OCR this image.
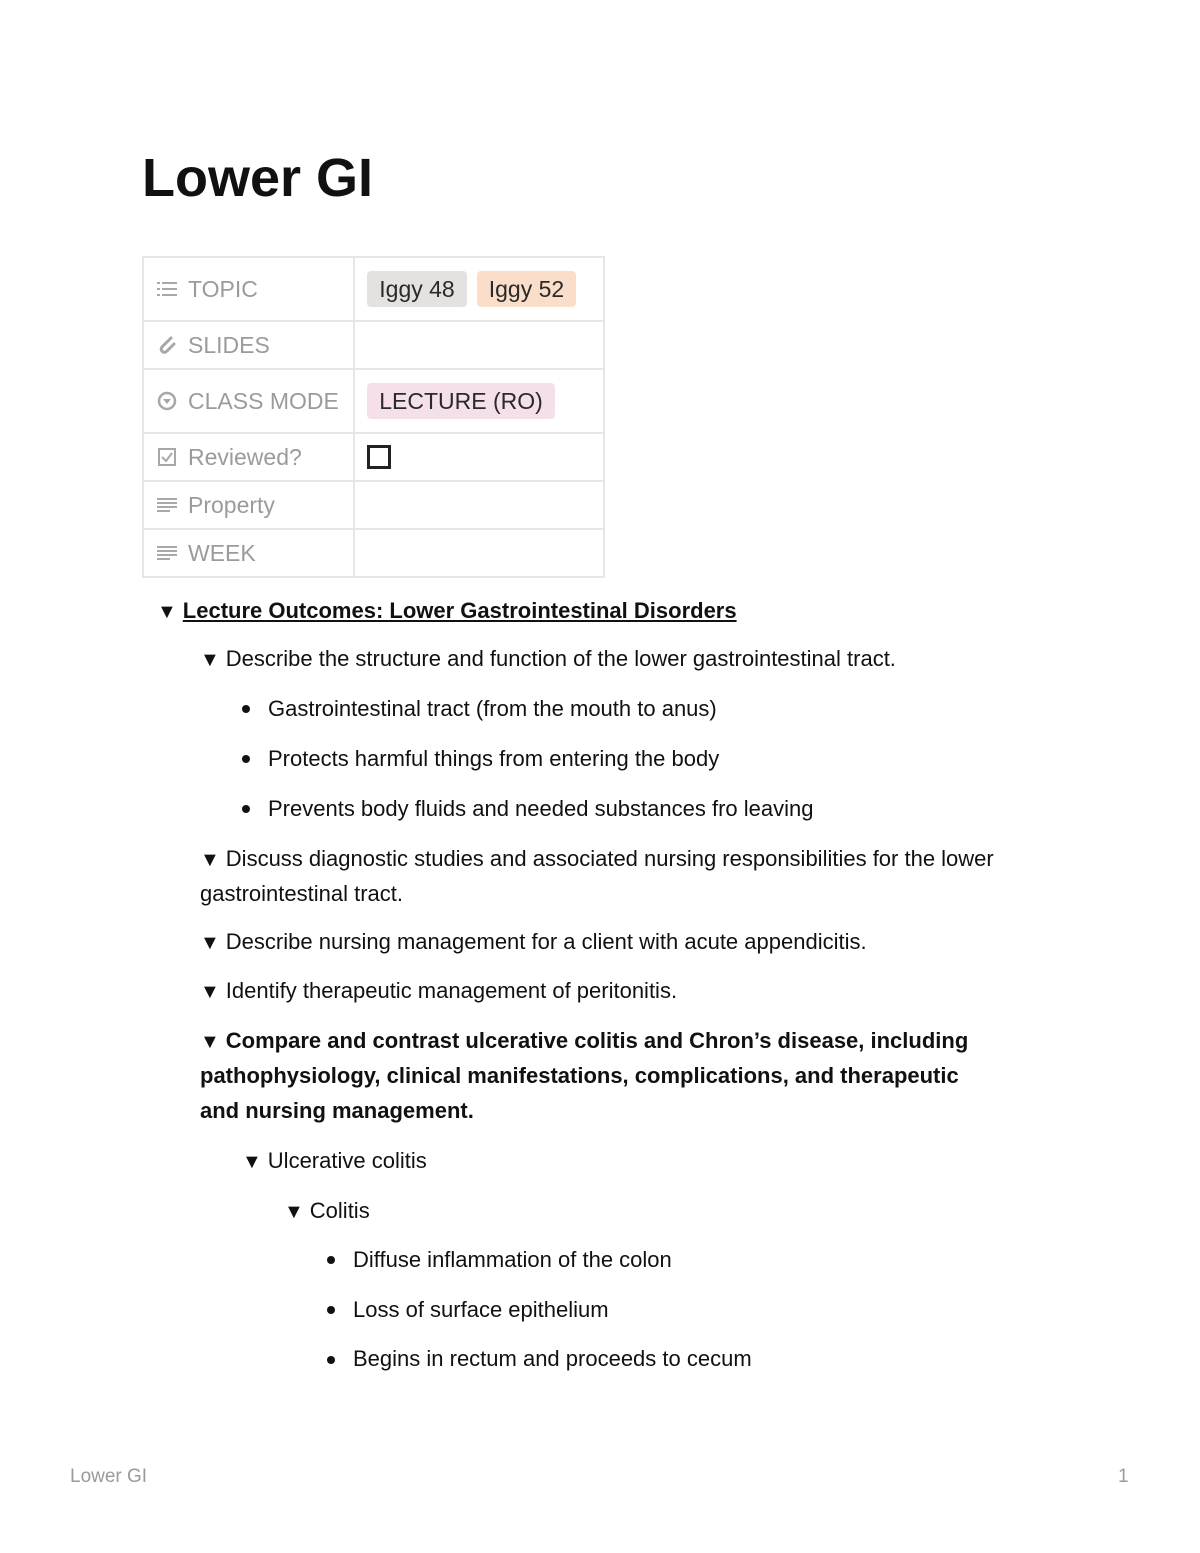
Lower GI
TOPIC	Iggy 48 Iggy 52

SLIDES	

CLASS MODE	LECTURE (RO)

Reviewed?	

Property	

WEEK	

▼ Lecture Outcomes: Lower Gastrointestinal Disorders
▼ Describe the structure and function of the lower gastrointestinal tract.
Gastrointestinal tract (from the mouth to anus)
Protects harmful things from entering the body
Prevents body fluids and needed substances fro leaving
▼ Discuss diagnostic studies and associated nursing responsibilities for the lower
gastrointestinal tract.
▼ Describe nursing management for a client with acute appendicitis.
▼ Identify therapeutic management of peritonitis.
▼ Compare and contrast ulcerative colitis and Chron’s disease, including
pathophysiology, clinical manifestations, complications, and therapeutic
and nursing management.
▼ Ulcerative colitis
▼ Colitis
Diffuse inflammation of the colon
Loss of surface epithelium
Begins in rectum and proceeds to cecum
Lower GI	1
